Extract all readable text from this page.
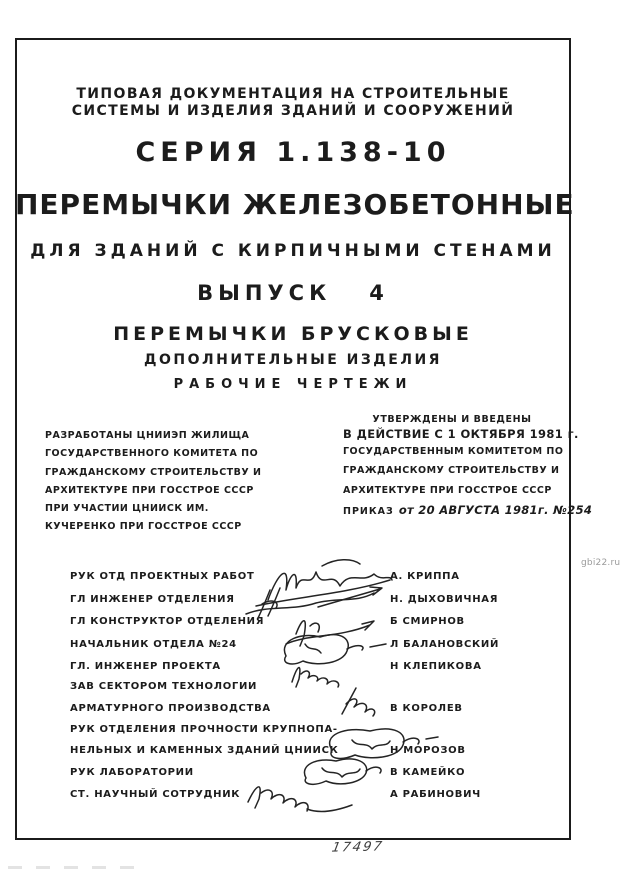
ТИПОВАЯ ДОКУМЕНТАЦИЯ НА СТРОИТЕЛЬНЫЕ
СИСТЕМЫ И ИЗДЕЛИЯ ЗДАНИЙ И СООРУЖЕНИЙ
СЕРИЯ 1.138-10
ПЕРЕМЫЧКИ ЖЕЛЕЗОБЕТОННЫЕ
ДЛЯ ЗДАНИЙ С КИРПИЧНЫМИ СТЕНАМИ
ВЫПУСК 4
ПЕРЕМЫЧКИ БРУСКОВЫЕ
ДОПОЛНИТЕЛЬНЫЕ ИЗДЕЛИЯ
РАБОЧИЕ ЧЕРТЕЖИ
РАЗРАБОТАНЫ ЦНИИЭП ЖИЛИЩА
ГОСУДАРСТВЕННОГО КОМИТЕТА ПО
ГРАЖДАНСКОМУ СТРОИТЕЛЬСТВУ И
АРХИТЕКТУРЕ ПРИ ГОССТРОЕ СССР
ПРИ УЧАСТИИ ЦНИИСК ИМ.
КУЧЕРЕНКО ПРИ ГОССТРОЕ СССР
УТВЕРЖДЕНЫ И ВВЕДЕНЫ
В ДЕЙСТВИЕ С 1 ОКТЯБРЯ 1981 г.
ГОСУДАРСТВЕННЫМ КОМИТЕТОМ ПО
ГРАЖДАНСКОМУ СТРОИТЕЛЬСТВУ И
АРХИТЕКТУРЕ ПРИ ГОССТРОЕ СССР
ПРИКАЗ от 20 АВГУСТА 1981г. №254
gbi22.ru
РУК ОТД ПРОЕКТНЫХ РАБОТ	А. КРИППА
ГЛ ИНЖЕНЕР ОТДЕЛЕНИЯ	Н. ДЫХОВИЧНАЯ
ГЛ КОНСТРУКТОР ОТДЕЛЕНИЯ	Б СМИРНОВ
НАЧАЛЬНИК ОТДЕЛА №24	Л БАЛАНОВСКИЙ
ГЛ. ИНЖЕНЕР ПРОЕКТА	Н КЛЕПИКОВА
ЗАВ СЕКТОРОМ ТЕХНОЛОГИИ
АРМАТУРНОГО ПРОИЗВОДСТВА	В КОРОЛЕВ
РУК ОТДЕЛЕНИЯ ПРОЧНОСТИ КРУПНОПА-
НЕЛЬНЫХ И КАМЕННЫХ ЗДАНИЙ ЦНИИСК	Н МОРОЗОВ
РУК ЛАБОРАТОРИИ	В КАМЕЙКО
СТ. НАУЧНЫЙ СОТРУДНИК	А РАБИНОВИЧ
17497
